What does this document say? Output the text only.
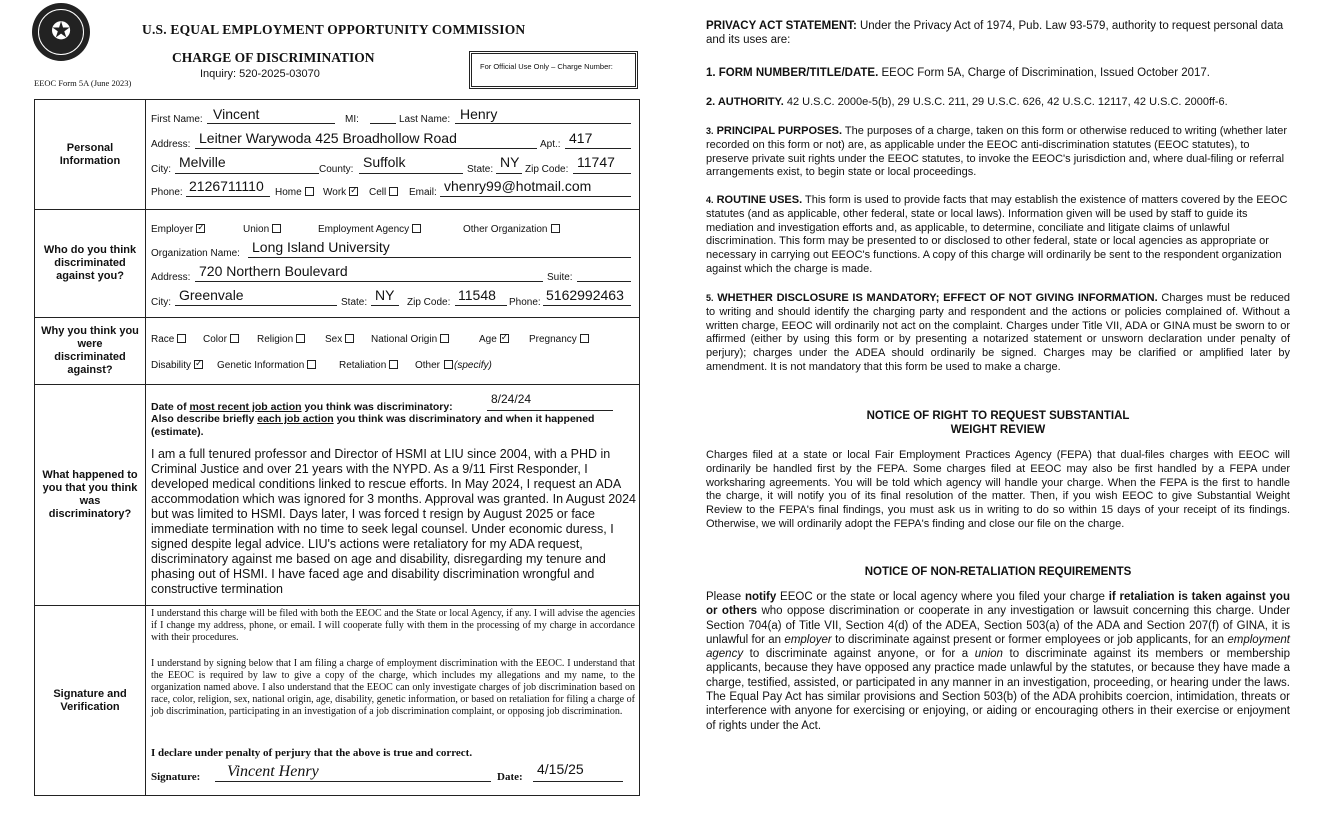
✪	U.S. EQUAL EMPLOYMENT OPPORTUNITY COMMISSION
CHARGE OF DISCRIMINATION
Inquiry: 520-2025-03070
EEOC Form 5A (June 2023)
For Official Use Only – Charge Number:
Personal Information
First Name: Vincent	MI:	Last Name: Henry
Address: Leitner Warywoda 425 Broadhollow Road	Apt.: 417
City: Melville	County: Suffolk	State: NY Zip Code: 11747
Phone: 2126711110 Home	Work ✓	Cell	Email: vhenry99@hotmail.com
Who do you think discriminated against you?
Employer ✓	Union	Employment Agency	Other Organization
Organization Name: Long Island University
Address: 720 Northern Boulevard	Suite:
City: Greenvale	State: NY Zip Code: 11548 Phone: 5162992463
Why you think you were discriminated against?
Race	Color	Religion	Sex	National Origin	Age ✓	Pregnancy
Disability ✓	Genetic Information	Retaliation	Other (specify)
What happened to you that you think was discriminatory?
Date of most recent job action you think was discriminatory:
8/24/24
Also describe briefly each job action you think was discriminatory and when it happened (estimate).
I am a full tenured professor and Director of HSMI at LIU since 2004, with a PHD in Criminal Justice and over 21 years with the NYPD. As a 9/11 First Responder, I developed medical conditions linked to rescue efforts. In May 2024, I request an ADA accommodation which was ignored for 3 months. Approval was granted. In August 2024 but was limited to HSMI. Days later, I was forced t resign by August 2025 or face immediate termination with no time to seek legal counsel. Under economic duress, I signed despite legal advice. LIU's actions were retaliatory for my ADA request, discriminatory against me based on age and disability, disregarding my tenure and phasing out of HSMI. I have faced age and disability discrimination wrongful and constructive termination
Signature and Verification
I understand this charge will be filed with both the EEOC and the State or local Agency, if any. I will advise the agencies if I change my address, phone, or email. I will cooperate fully with them in the processing of my charge in accordance with their procedures.
I understand by signing below that I am filing a charge of employment discrimination with the EEOC. I understand that the EEOC is required by law to give a copy of the charge, which includes my allegations and my name, to the organization named above. I also understand that the EEOC can only investigate charges of job discrimination based on race, color, religion, sex, national origin, age, disability, genetic information, or based on retaliation for filing a charge of job discrimination, participating in an investigation of a job discrimination complaint, or opposing job discrimination.
I declare under penalty of perjury that the above is true and correct.
Signature: Vincent Henry	Date: 4/15/25
PRIVACY ACT STATEMENT: Under the Privacy Act of 1974, Pub. Law 93-579, authority to request personal data and its uses are:
1. FORM NUMBER/TITLE/DATE. EEOC Form 5A, Charge of Discrimination, Issued October 2017.
2. AUTHORITY. 42 U.S.C. 2000e-5(b), 29 U.S.C. 211, 29 U.S.C. 626, 42 U.S.C. 12117, 42 U.S.C. 2000ff-6.
3. PRINCIPAL PURPOSES. The purposes of a charge, taken on this form or otherwise reduced to writing (whether later recorded on this form or not) are, as applicable under the EEOC anti-discrimination statutes (EEOC statutes), to preserve private suit rights under the EEOC statutes, to invoke the EEOC's jurisdiction and, where dual-filing or referral arrangements exist, to begin state or local proceedings.
4. ROUTINE USES. This form is used to provide facts that may establish the existence of matters covered by the EEOC statutes (and as applicable, other federal, state or local laws). Information given will be used by staff to guide its mediation and investigation efforts and, as applicable, to determine, conciliate and litigate claims of unlawful discrimination. This form may be presented to or disclosed to other federal, state or local agencies as appropriate or necessary in carrying out EEOC's functions. A copy of this charge will ordinarily be sent to the respondent organization against which the charge is made.
5. WHETHER DISCLOSURE IS MANDATORY; EFFECT OF NOT GIVING INFORMATION. Charges must be reduced to writing and should identify the charging party and respondent and the actions or policies complained of. Without a written charge, EEOC will ordinarily not act on the complaint. Charges under Title VII, ADA or GINA must be sworn to or affirmed (either by using this form or by presenting a notarized statement or unsworn declaration under penalty of perjury); charges under the ADEA should ordinarily be signed. Charges may be clarified or amplified later by amendment. It is not mandatory that this form be used to make a charge.
NOTICE OF RIGHT TO REQUEST SUBSTANTIAL
WEIGHT REVIEW
Charges filed at a state or local Fair Employment Practices Agency (FEPA) that dual-files charges with EEOC will ordinarily be handled first by the FEPA. Some charges filed at EEOC may also be first handled by a FEPA under worksharing agreements. You will be told which agency will handle your charge. When the FEPA is the first to handle the charge, it will notify you of its final resolution of the matter. Then, if you wish EEOC to give Substantial Weight Review to the FEPA's final findings, you must ask us in writing to do so within 15 days of your receipt of its findings. Otherwise, we will ordinarily adopt the FEPA's finding and close our file on the charge.
NOTICE OF NON-RETALIATION REQUIREMENTS
Please notify EEOC or the state or local agency where you filed your charge if retaliation is taken against you or others who oppose discrimination or cooperate in any investigation or lawsuit concerning this charge. Under Section 704(a) of Title VII, Section 4(d) of the ADEA, Section 503(a) of the ADA and Section 207(f) of GINA, it is unlawful for an employer to discriminate against present or former employees or job applicants, for an employment agency to discriminate against anyone, or for a union to discriminate against its members or membership applicants, because they have opposed any practice made unlawful by the statutes, or because they have made a charge, testified, assisted, or participated in any manner in an investigation, proceeding, or hearing under the laws. The Equal Pay Act has similar provisions and Section 503(b) of the ADA prohibits coercion, intimidation, threats or interference with anyone for exercising or enjoying, or aiding or encouraging others in their exercise or enjoyment of rights under the Act.
